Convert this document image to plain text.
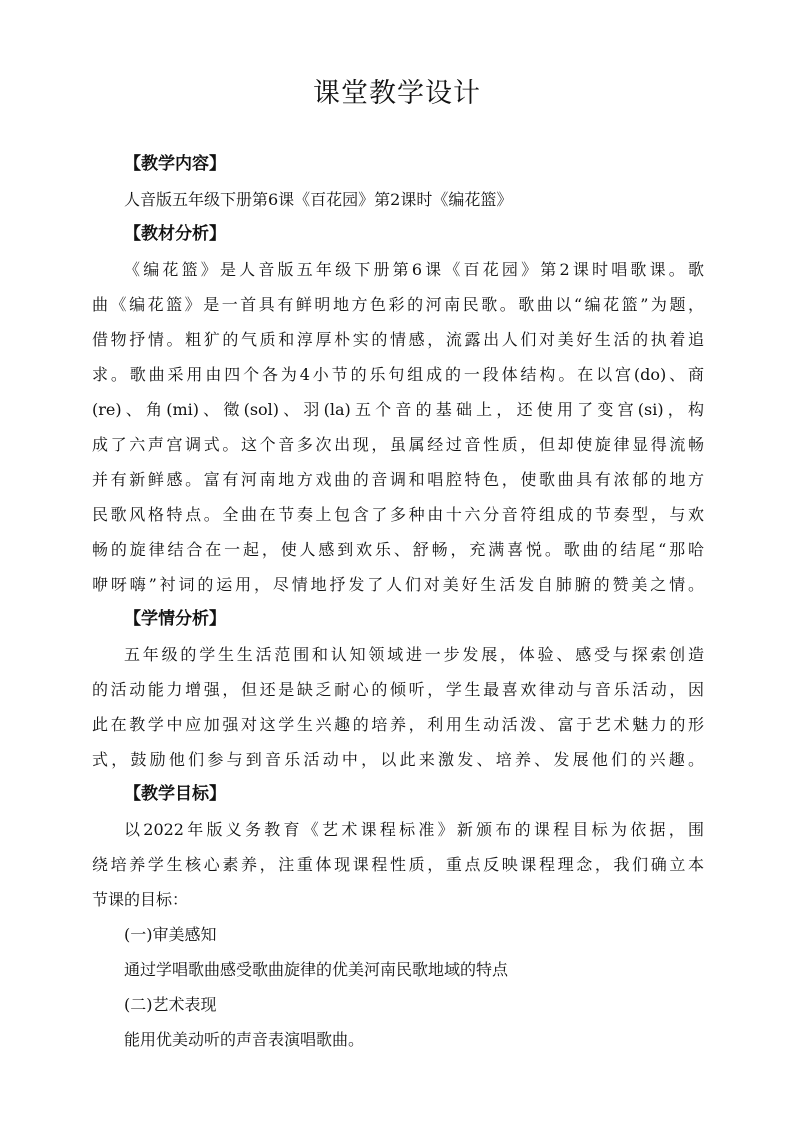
课堂教学设计
【教学内容】
人音版五年级下册第6课《百花园》第2课时《编花篮》
【教材分析】
《编花篮》是人音版五年级下册第6课《百花园》第2课时唱歌课。歌
曲《编花篮》是一首具有鲜明地方色彩的河南民歌。歌曲以“编花篮”为题，
借物抒情。粗犷的气质和淳厚朴实的情感，流露出人们对美好生活的执着追
求。歌曲采用由四个各为4小节的乐句组成的一段体结构。在以宫(do)、商
(re)、角(mi)、徵(sol)、羽(la)五个音的基础上，还使用了变宫(si)，构
成了六声宫调式。这个音多次出现，虽属经过音性质，但却使旋律显得流畅
并有新鲜感。富有河南地方戏曲的音调和唱腔特色，使歌曲具有浓郁的地方
民歌风格特点。全曲在节奏上包含了多种由十六分音符组成的节奏型，与欢
畅的旋律结合在一起，使人感到欢乐、舒畅，充满喜悦。歌曲的结尾“那哈
咿呀嗨”衬词的运用，尽情地抒发了人们对美好生活发自肺腑的赞美之情。
【学情分析】
五年级的学生生活范围和认知领域进一步发展，体验、感受与探索创造
的活动能力增强，但还是缺乏耐心的倾听，学生最喜欢律动与音乐活动，因
此在教学中应加强对这学生兴趣的培养，利用生动活泼、富于艺术魅力的形
式，鼓励他们参与到音乐活动中，以此来激发、培养、发展他们的兴趣。
【教学目标】
以2022年版义务教育《艺术课程标准》新颁布的课程目标为依据，围
绕培养学生核心素养，注重体现课程性质，重点反映课程理念，我们确立本
节课的目标：
(一)审美感知
通过学唱歌曲感受歌曲旋律的优美河南民歌地域的特点
(二)艺术表现
能用优美动听的声音表演唱歌曲。
